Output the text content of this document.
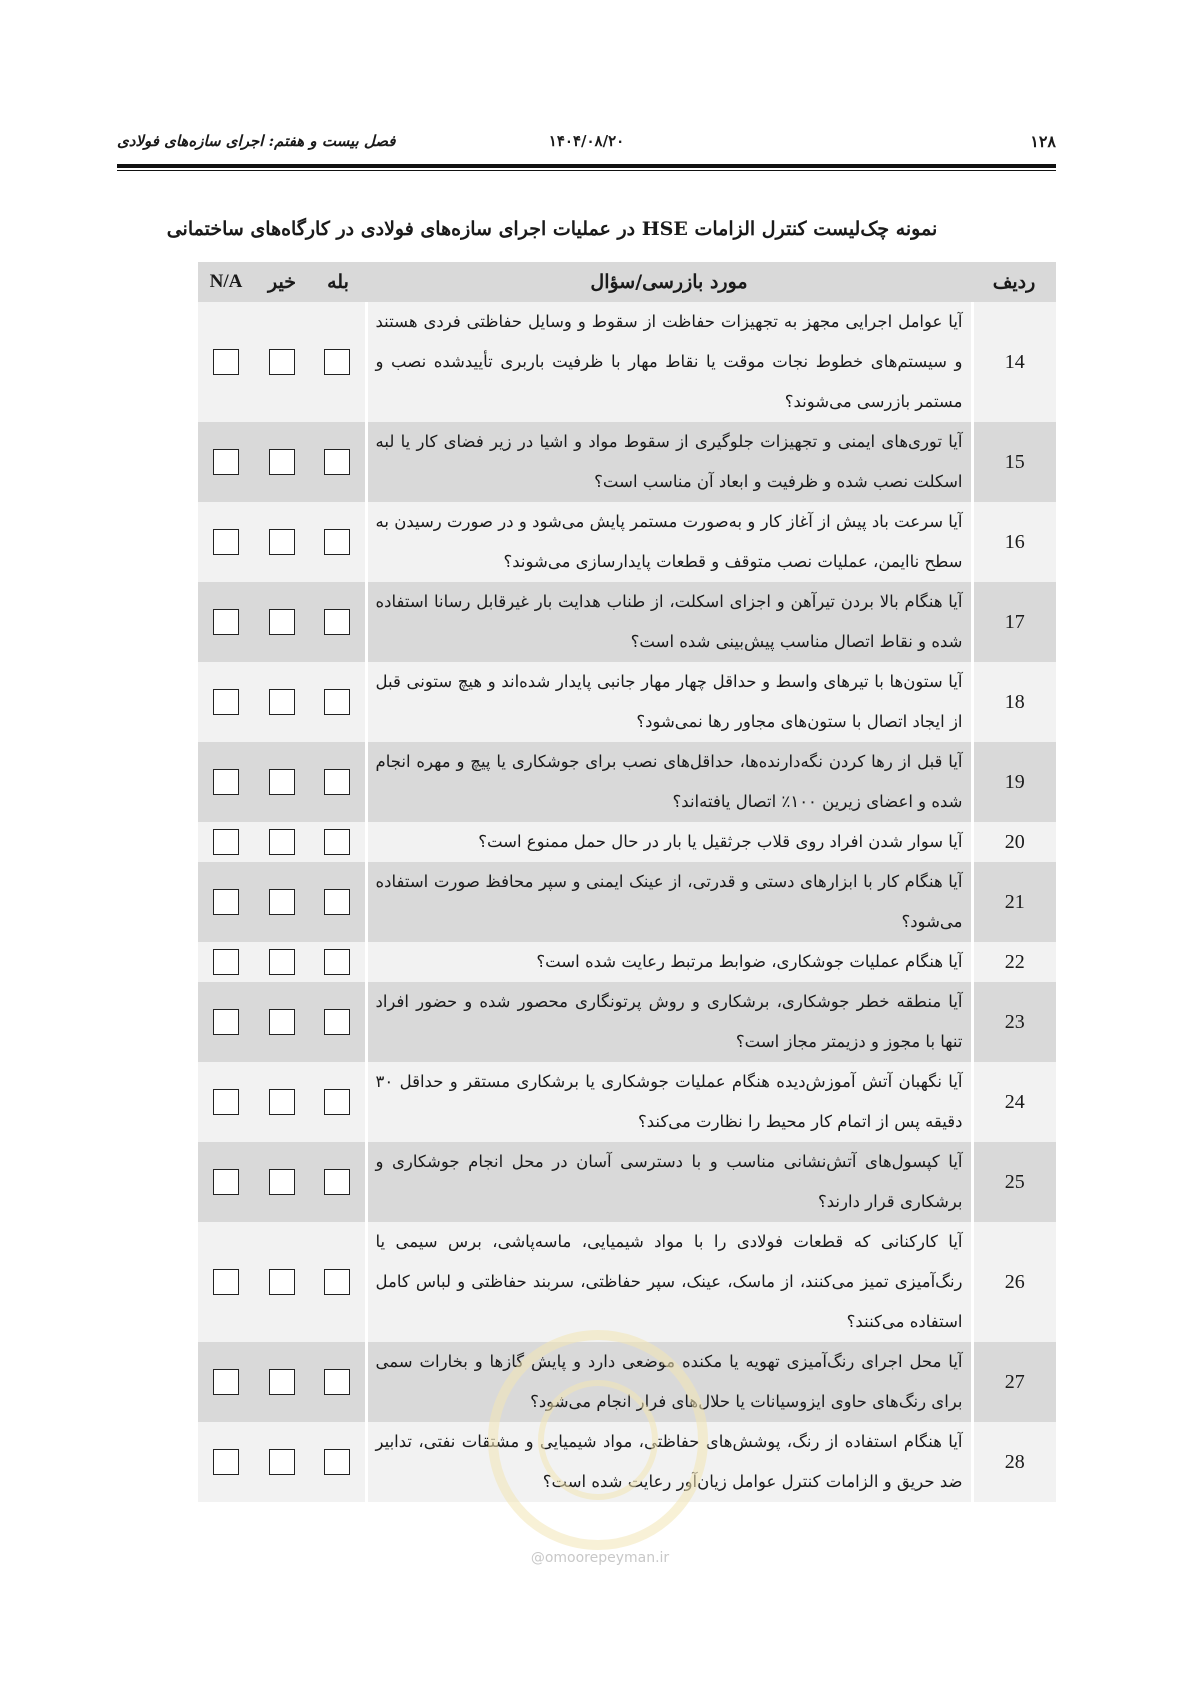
۱۲۸
۱۴۰۴/۰۸/۲۰
فصل بیست و هفتم: اجرای سازه‌های فولادی
نمونه چک‌لیست کنترل الزامات HSE در عملیات اجرای سازه‌های فولادی در کارگاه‌های ساختمانی
ردیف	مورد بازرسی/سؤال	بله	خیر	N/A
14	آیا عوامل اجرایی مجهز به تجهیزات حفاظت از سقوط و وسایل حفاظتی فردی هستند و سیستم‌های خطوط نجات موقت یا نقاط مهار با ظرفیت باربری تأییدشده نصب و مستمر بازرسی می‌شوند؟			
15	آیا توری‌های ایمنی و تجهیزات جلوگیری از سقوط مواد و اشیا در زیر فضای کار یا لبه اسکلت نصب شده و ظرفیت و ابعاد آن مناسب است؟			
16	آیا سرعت باد پیش از آغاز کار و به‌صورت مستمر پایش می‌شود و در صورت رسیدن به سطح ناایمن، عملیات نصب متوقف و قطعات پایدارسازی می‌شوند؟			
17	آیا هنگام بالا بردن تیرآهن و اجزای اسکلت، از طناب هدایت بار غیرقابل رسانا استفاده شده و نقاط اتصال مناسب پیش‌بینی شده است؟			
18	آیا ستون‌ها با تیرهای واسط و حداقل چهار مهار جانبی پایدار شده‌اند و هیچ ستونی قبل از ایجاد اتصال با ستون‌های مجاور رها نمی‌شود؟			
19	آیا قبل از رها کردن نگه‌دارنده‌ها، حداقل‌های نصب برای جوشکاری یا پیچ و مهره انجام شده و اعضای زیرین ۱۰۰٪ اتصال یافته‌اند؟			
20	آیا سوار شدن افراد روی قلاب جرثقیل یا بار در حال حمل ممنوع است؟			
21	آیا هنگام کار با ابزارهای دستی و قدرتی، از عینک ایمنی و سپر محافظ صورت استفاده می‌شود؟			
22	آیا هنگام عملیات جوشکاری، ضوابط مرتبط رعایت شده است؟			
23	آیا منطقه خطر جوشکاری، برشکاری و روش پرتونگاری محصور شده و حضور افراد تنها با مجوز و دزیمتر مجاز است؟			
24	آیا نگهبان آتش آموزش‌دیده هنگام عملیات جوشکاری یا برشکاری مستقر و حداقل ۳۰ دقیقه پس از اتمام کار محیط را نظارت می‌کند؟			
25	آیا کپسول‌های آتش‌نشانی مناسب و با دسترسی آسان در محل انجام جوشکاری و برشکاری قرار دارند؟			
26	آیا کارکنانی که قطعات فولادی را با مواد شیمیایی، ماسه‌پاشی، برس سیمی یا رنگ‌آمیزی تمیز می‌کنند، از ماسک، عینک، سپر حفاظتی، سربند حفاظتی و لباس کامل استفاده می‌کنند؟			
27	آیا محل اجرای رنگ‌آمیزی تهویه یا مکنده موضعی دارد و پایش گازها و بخارات سمی برای رنگ‌های حاوی ایزوسیانات یا حلال‌های فرار انجام می‌شود؟			
28	آیا هنگام استفاده از رنگ، پوشش‌های حفاظتی، مواد شیمیایی و مشتقات نفتی، تدابیر ضد حریق و الزامات کنترل عوامل زیان‌آور رعایت شده است؟			
@omoorepeyman.ir
